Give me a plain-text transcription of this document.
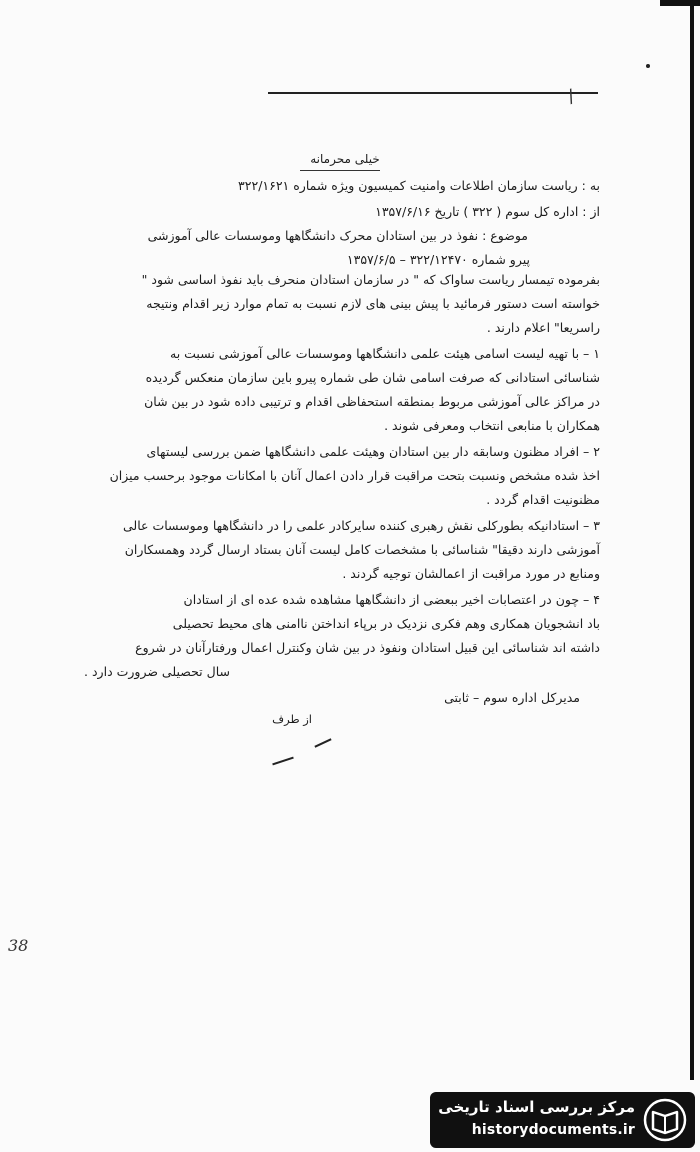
/
خیلی محرمانه
به : ریاست سازمان اطلاعات وامنیت کمیسیون ویژه شماره ۳۲۲/۱۶۲۱
از : اداره کل سوم ( ۳۲۲ ) تاریخ ۱۳۵۷/۶/۱۶
موضوع : نفوذ در بین استادان محرک دانشگاهها وموسسات عالی آموزشی
پیرو شماره ۳۲۲/۱۲۴۷۰ – ۱۳۵۷/۶/۵
بفرموده تیمسار ریاست ساواک که " در سازمان استادان منحرف باید نفوذ اساسی شود "
خواسته است دستور فرمائید با پیش بینی های لازم نسبت به تمام موارد زیر اقدام ونتیجه
راسریعا" اعلام دارند .
۱ – با تهیه لیست اسامی هیئت علمی دانشگاهها وموسسات عالی آموزشی نسبت به
شناسائی استادانی که صرفت اسامی شان طی شماره پیرو باین سازمان منعکس گردیده
در مراکز عالی آموزشی مربوط بمنطقه استحفاظی اقدام و ترتیبی داده شود در بین شان
همکاران با منابعی انتخاب ومعرفی شوند .
۲ – افراد مظنون وسابقه دار بین استادان وهیئت علمی دانشگاهها ضمن بررسی لیستهای
اخذ شده مشخص ونسبت بتحت مراقبت قرار دادن اعمال آنان با امکانات موجود برحسب میزان
مظنونیت اقدام گردد .
۳ – استادانیکه بطورکلی نقش رهبری کننده سایرکادر علمی را در دانشگاهها وموسسات عالی
آموزشی دارند دقیقا" شناسائی با مشخصات کامل لیست آنان بستاد ارسال گردد وهمسکاران
ومنابع در مورد مراقبت از اعمالشان توجیه گردند .
۴ – چون در اعتصابات اخیر ببعضی از دانشگاهها مشاهده شده عده ای از استادان
باد انشجویان همکاری وهم فکری نزدیک در برپاء انداختن ناامنی های محیط تحصیلی
داشته اند شناسائی این قبیل استادان ونفوذ در بین شان وکنترل اعمال ورفتارآنان در شروع
سال تحصیلی ضرورت دارد .
مدیرکل اداره سوم – ثابتی
از طرف
38
مرکز بررسی اسناد تاریخی
historydocuments.ir
